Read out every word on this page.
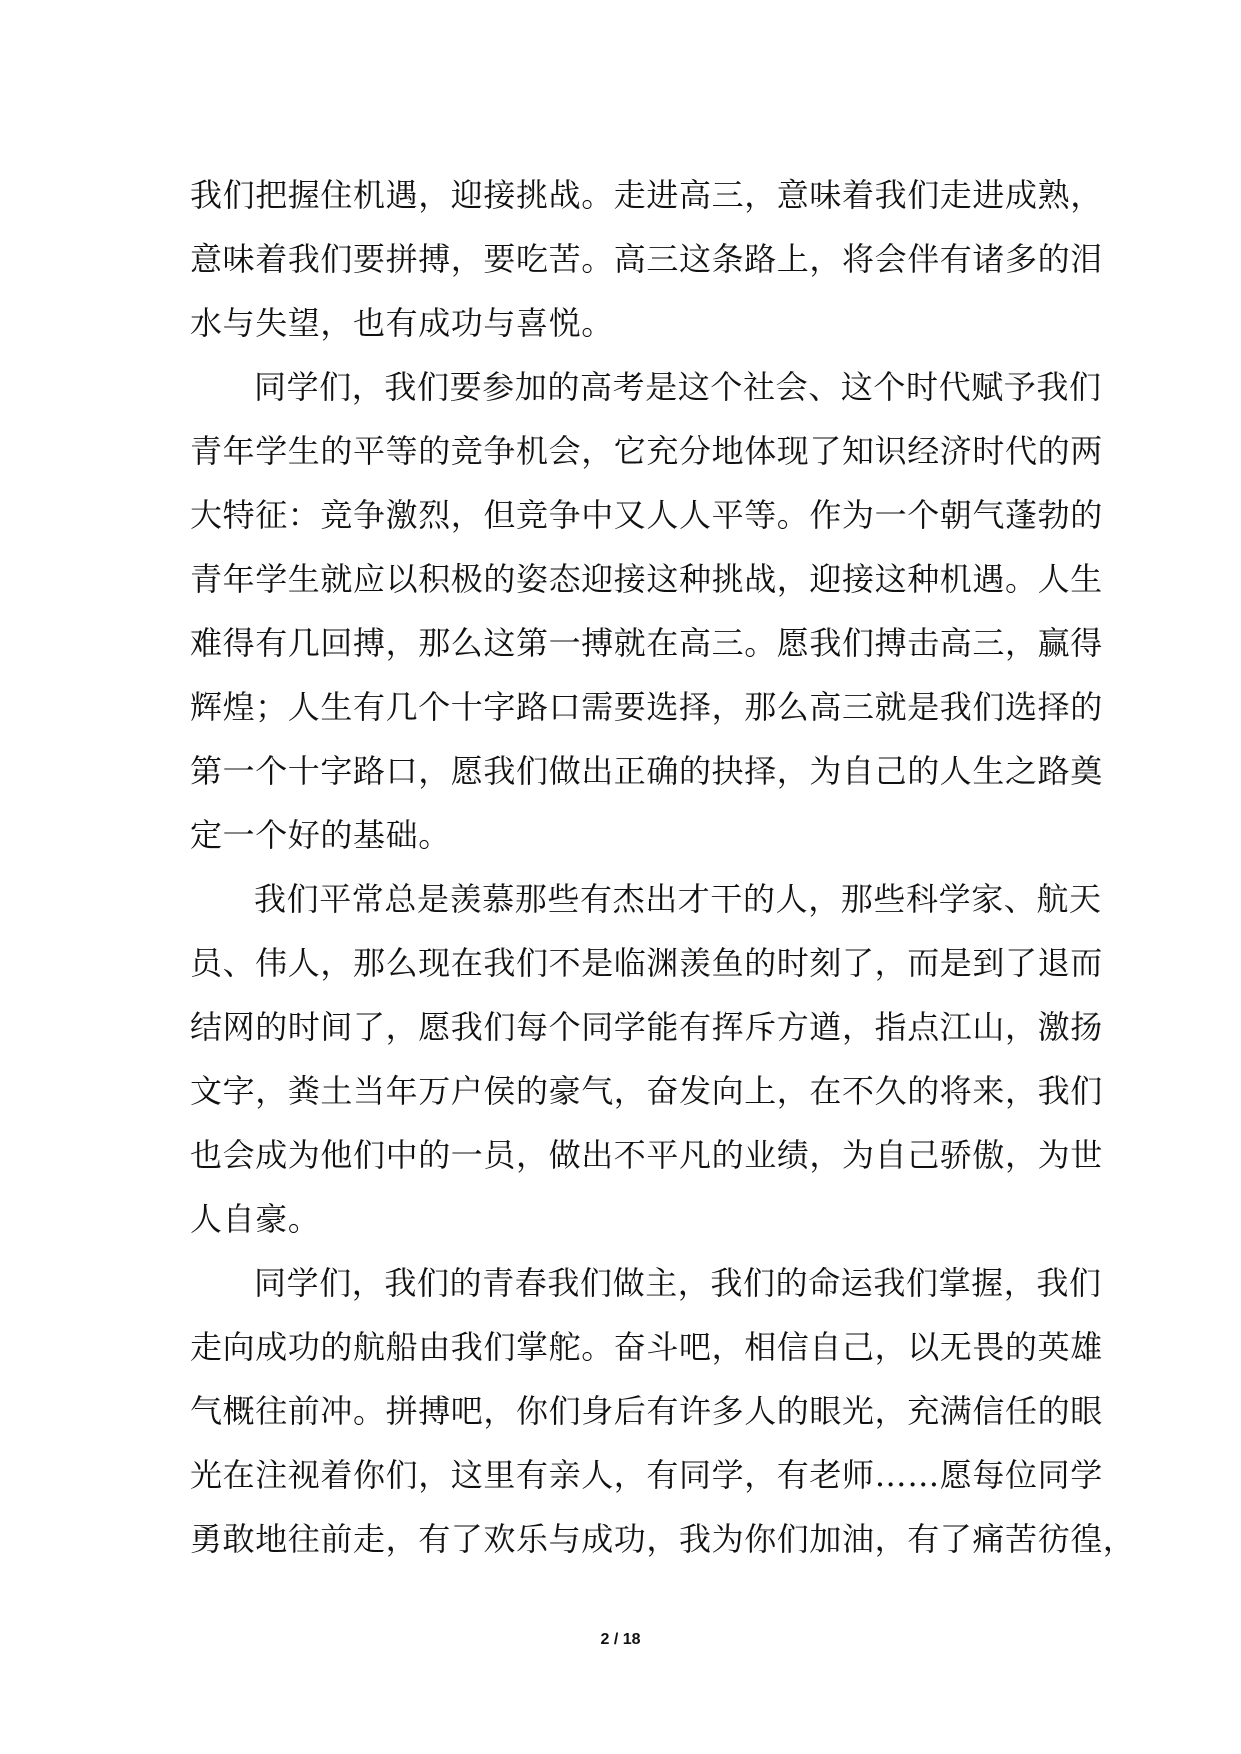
我们把握住机遇，迎接挑战。走进高三，意味着我们走进成熟，
意味着我们要拼搏，要吃苦。高三这条路上，将会伴有诸多的泪
水与失望，也有成功与喜悦。
同学们，我们要参加的高考是这个社会、这个时代赋予我们
青年学生的平等的竞争机会，它充分地体现了知识经济时代的两
大特征：竞争激烈，但竞争中又人人平等。作为一个朝气蓬勃的
青年学生就应以积极的姿态迎接这种挑战，迎接这种机遇。人生
难得有几回搏，那么这第一搏就在高三。愿我们搏击高三，赢得
辉煌；人生有几个十字路口需要选择，那么高三就是我们选择的
第一个十字路口，愿我们做出正确的抉择，为自己的人生之路奠
定一个好的基础。
我们平常总是羡慕那些有杰出才干的人，那些科学家、航天
员、伟人，那么现在我们不是临渊羡鱼的时刻了，而是到了退而
结网的时间了，愿我们每个同学能有挥斥方遒，指点江山，激扬
文字，粪土当年万户侯的豪气，奋发向上，在不久的将来，我们
也会成为他们中的一员，做出不平凡的业绩，为自己骄傲，为世
人自豪。
同学们，我们的青春我们做主，我们的命运我们掌握，我们
走向成功的航船由我们掌舵。奋斗吧，相信自己，以无畏的英雄
气概往前冲。拼搏吧，你们身后有许多人的眼光，充满信任的眼
光在注视着你们，这里有亲人，有同学，有老师……愿每位同学
勇敢地往前走，有了欢乐与成功，我为你们加油，有了痛苦彷徨，
2 / 18
